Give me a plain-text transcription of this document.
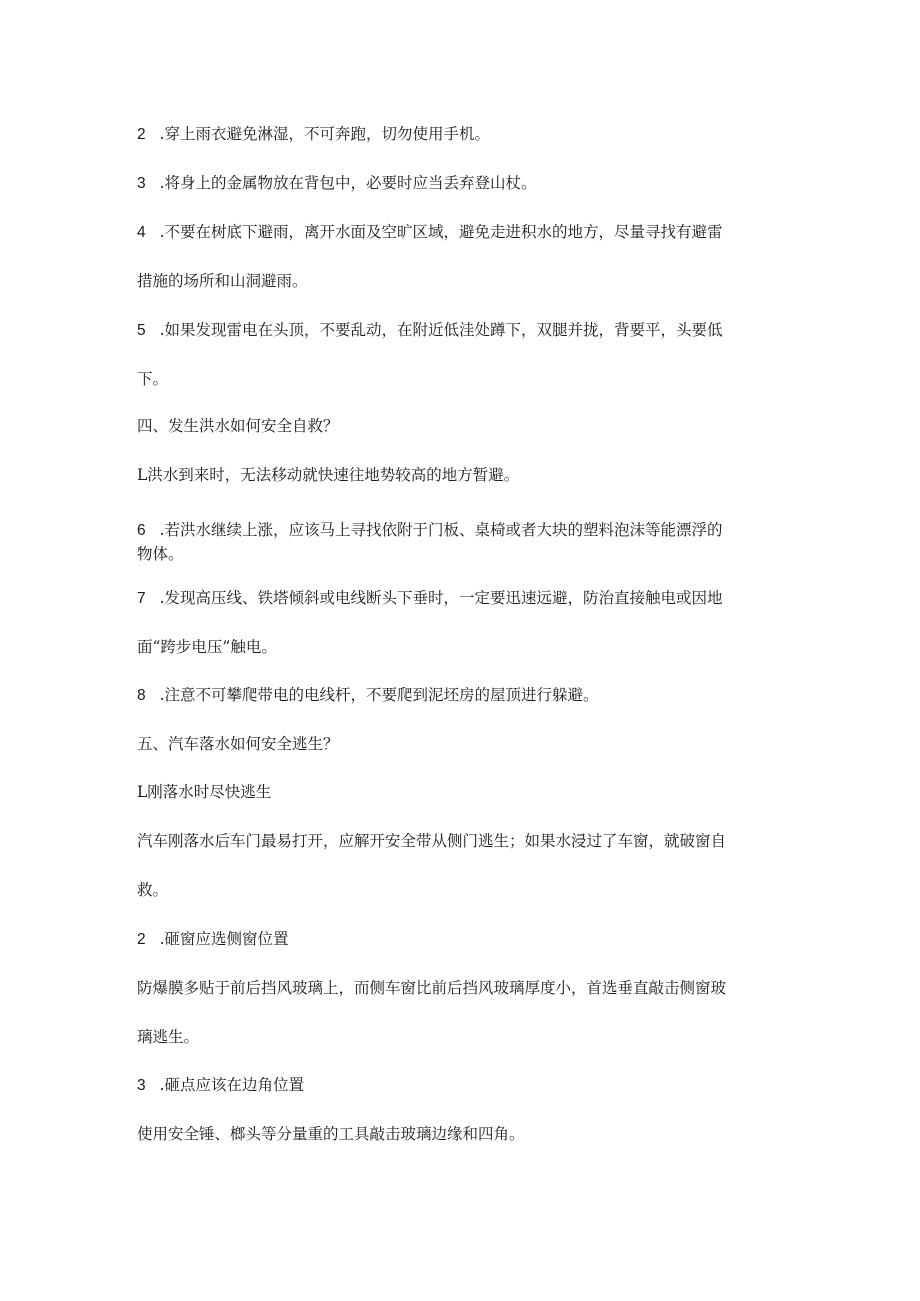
2 .穿上雨衣避免淋湿，不可奔跑，切勿使用手机。
3 .将身上的金属物放在背包中，必要时应当丢弃登山杖。
4 .不要在树底下避雨，离开水面及空旷区域，避免走进积水的地方，尽量寻找有避雷
措施的场所和山洞避雨。
5 .如果发现雷电在头顶，不要乱动，在附近低洼处蹲下，双腿并拢，背要平，头要低
下。
四、发生洪水如何安全自救？
L洪水到来时，无法移动就快速往地势较高的地方暂避。
6 .若洪水继续上涨，应该马上寻找依附于门板、桌椅或者大块的塑料泡沫等能漂浮的
物体。
7 .发现高压线、铁塔倾斜或电线断头下垂时，一定要迅速远避，防治直接触电或因地
面“跨步电压”触电。
8 .注意不可攀爬带电的电线杆，不要爬到泥坯房的屋顶进行躲避。
五、汽车落水如何安全逃生？
L刚落水时尽快逃生
汽车刚落水后车门最易打开，应解开安全带从侧门逃生；如果水浸过了车窗，就破窗自
救。
2 .砸窗应选侧窗位置
防爆膜多贴于前后挡风玻璃上，而侧车窗比前后挡风玻璃厚度小，首选垂直敲击侧窗玻
璃逃生。
3 .砸点应该在边角位置
使用安全锤、榔头等分量重的工具敲击玻璃边缘和四角。
